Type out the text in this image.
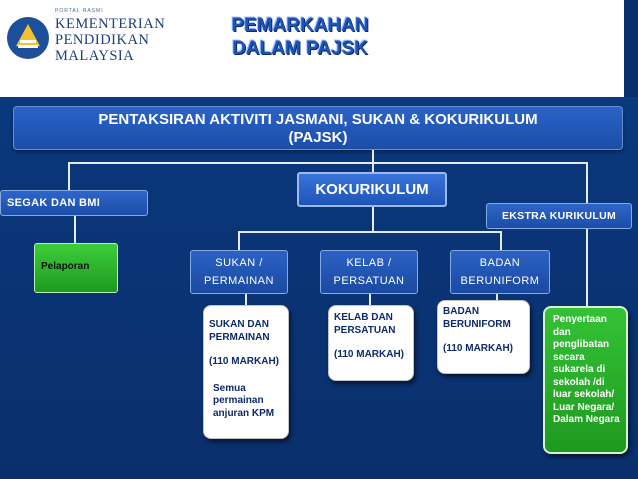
PORTAL RASMI
KEMENTERIAN
PENDIDIKAN
MALAYSIA
PEMARKAHAN
DALAM PAJSK
PENTAKSIRAN AKTIVITI JASMANI, SUKAN & KOKURIKULUM
(PAJSK)
KOKURIKULUM
SEGAK DAN BMI
EKSTRA KURIKULUM
Pelaporan	SUKAN /
PERMAINAN
KELAB /
PERSATUAN
BADAN
BERUNIFORM
SUKAN DAN
PERMAINAN
(110 MARKAH)
Semua
permainan
anjuran KPM
KELAB DAN
PERSATUAN
(110 MARKAH)
BADAN
BERUNIFORM
(110 MARKAH)
Penyertaan
dan
penglibatan
secara
sukarela di
sekolah /di
luar sekolah/
Luar Negara/
Dalam Negara
